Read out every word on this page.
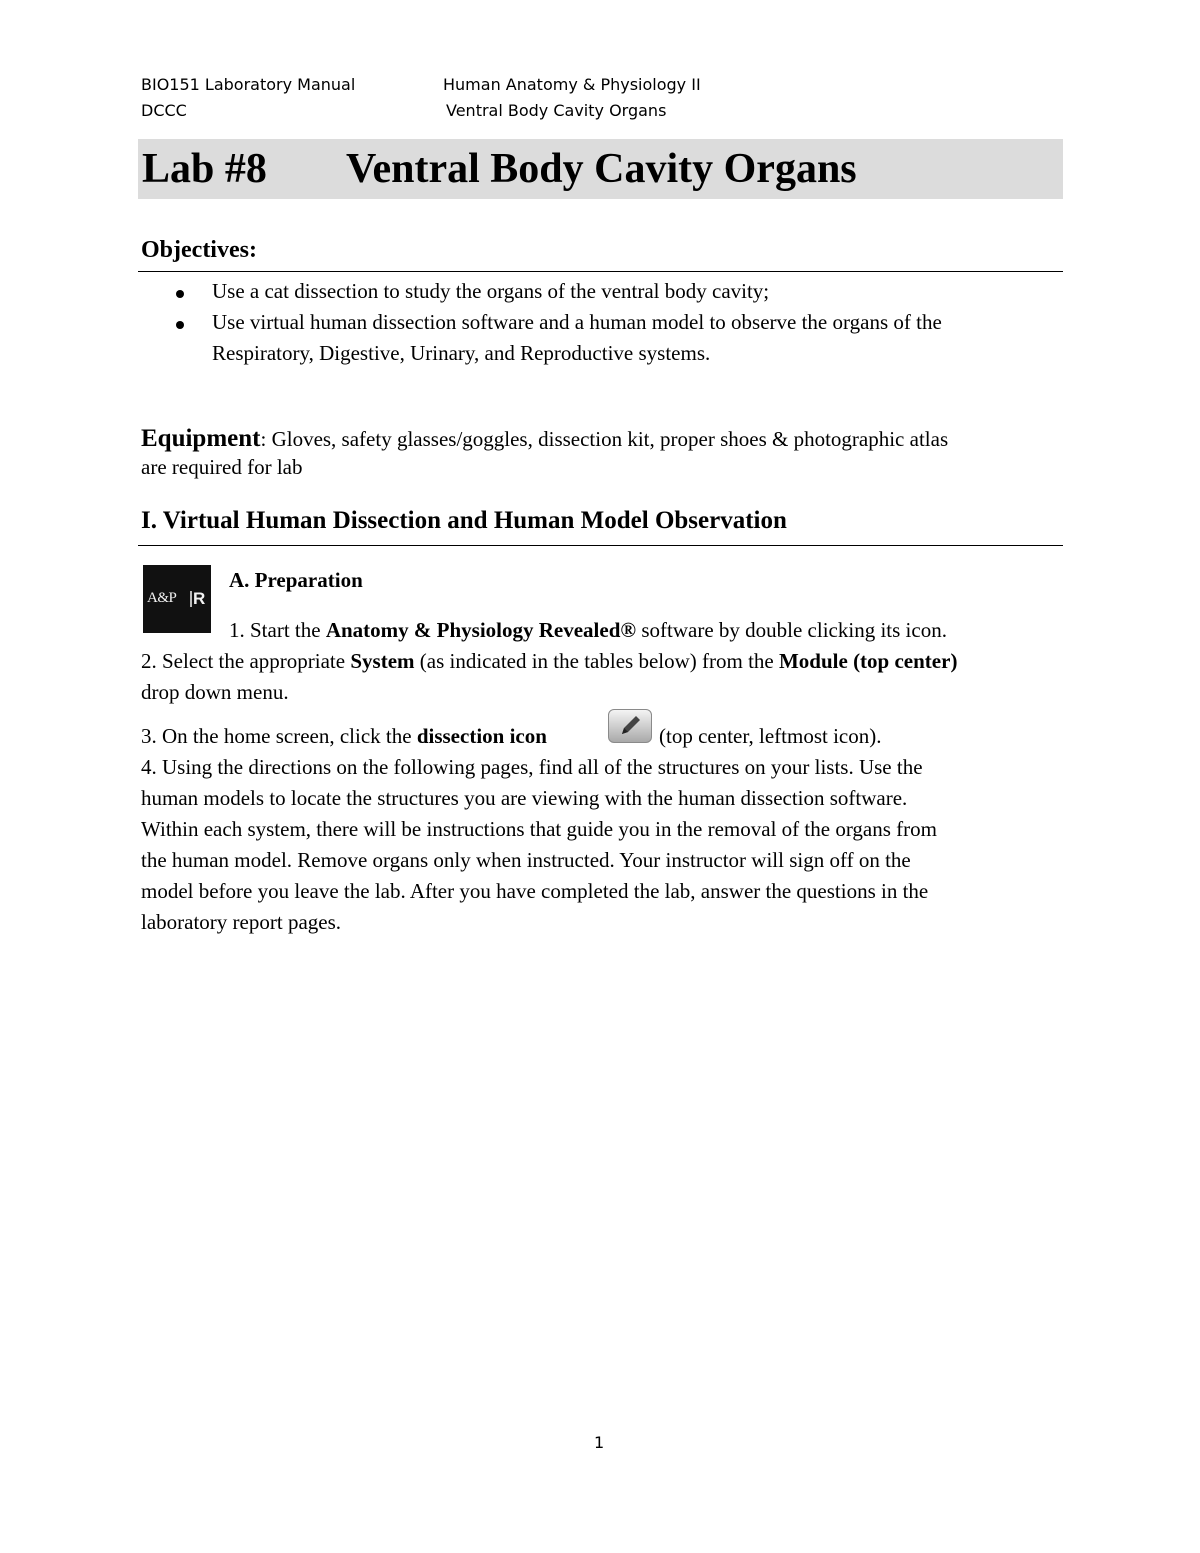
BIO151 Laboratory Manual
DCCC
Human Anatomy & Physiology II
Ventral Body Cavity Organs
Lab #8 Ventral Body Cavity Organs
Objectives:
Use a cat dissection to study the organs of the ventral body cavity;
Use virtual human dissection software and a human model to observe the organs of the
Respiratory, Digestive, Urinary, and Reproductive systems.
Equipment: Gloves, safety glasses/goggles, dissection kit, proper shoes & photographic atlas
are required for lab
I. Virtual Human Dissection and Human Model Observation
A&P R
A. Preparation
1. Start the Anatomy & Physiology Revealed® software by double clicking its icon.
2. Select the appropriate System (as indicated in the tables below) from the Module (top center)
drop down menu.
3. On the home screen, click the dissection icon	(top center, leftmost icon).
4. Using the directions on the following pages, find all of the structures on your lists. Use the
human models to locate the structures you are viewing with the human dissection software.
Within each system, there will be instructions that guide you in the removal of the organs from
the human model. Remove organs only when instructed. Your instructor will sign off on the
model before you leave the lab. After you have completed the lab, answer the questions in the
laboratory report pages.
1
